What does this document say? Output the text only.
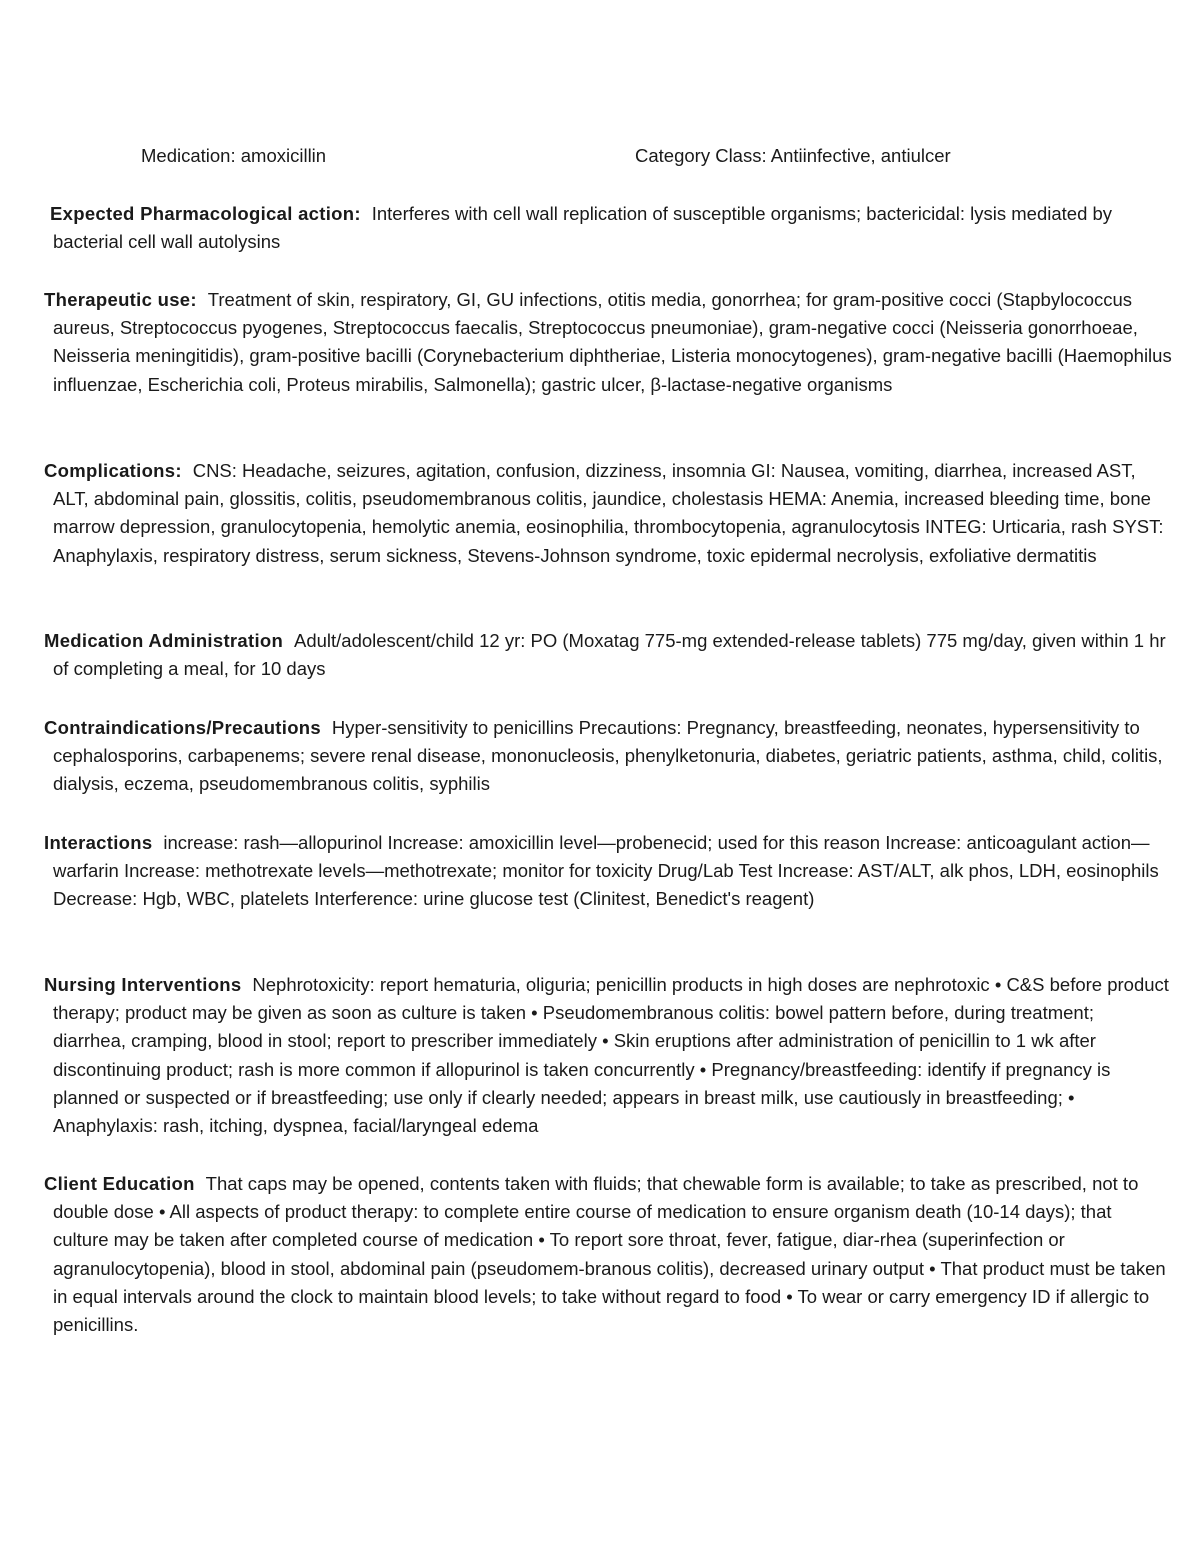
Medication: amoxicillin	Category Class: Antiinfective, antiulcer
Expected Pharmacological action:  Interferes with cell wall replication of susceptible organisms; bactericidal: lysis mediated by bacterial cell wall autolysins
Therapeutic use:  Treatment of skin, respiratory, GI, GU infections, otitis media, gonorrhea; for gram-positive cocci (Stapbylococcus aureus, Streptococcus pyogenes, Streptococcus faecalis, Streptococcus pneumoniae), gram-negative cocci (Neisseria gonorrhoeae, Neisseria meningitidis), gram-positive bacilli (Corynebacterium diphtheriae, Listeria monocytogenes), gram-negative bacilli (Haemophilus influenzae, Escherichia coli, Proteus mirabilis, Salmonella); gastric ulcer, β-lactase-negative organisms
Complications:  CNS: Headache, seizures, agitation, confusion, dizziness, insomnia GI: Nausea, vomiting, diarrhea, increased AST, ALT, abdominal pain, glossitis, colitis, pseudomembranous colitis, jaundice, cholestasis HEMA: Anemia, increased bleeding time, bone marrow depression, granulocytopenia, hemolytic anemia, eosinophilia, thrombocytopenia, agranulocytosis INTEG: Urticaria, rash SYST: Anaphylaxis, respiratory distress, serum sickness, Stevens-Johnson syndrome, toxic epidermal necrolysis, exfoliative dermatitis
Medication Administration  Adult/adolescent/child 12 yr: PO (Moxatag 775-mg extended-release tablets) 775 mg/day, given within 1 hr of completing a meal, for 10 days
Contraindications/Precautions  Hyper-sensitivity to penicillins Precautions: Pregnancy, breastfeeding, neonates, hypersensitivity to cephalosporins, carbapenems; severe renal disease, mononucleosis, phenylketonuria, diabetes, geriatric patients, asthma, child, colitis, dialysis, eczema, pseudomembranous colitis, syphilis
Interactions  increase: rash—allopurinol Increase: amoxicillin level—probenecid; used for this reason Increase: anticoagulant action—warfarin Increase: methotrexate levels—methotrexate; monitor for toxicity Drug/Lab Test Increase: AST/ALT, alk phos, LDH, eosinophils Decrease: Hgb, WBC, platelets Interference: urine glucose test (Clinitest, Benedict's reagent)
Nursing Interventions  Nephrotoxicity: report hematuria, oliguria; penicillin products in high doses are nephrotoxic • C&S before product therapy; product may be given as soon as culture is taken • Pseudomembranous colitis: bowel pattern before, during treatment; diarrhea, cramping, blood in stool; report to prescriber immediately • Skin eruptions after administration of penicillin to 1 wk after discontinuing product; rash is more common if allopurinol is taken concurrently • Pregnancy/breastfeeding: identify if pregnancy is planned or suspected or if breastfeeding; use only if clearly needed; appears in breast milk, use cautiously in breastfeeding; • Anaphylaxis: rash, itching, dyspnea, facial/laryngeal edema
Client Education  That caps may be opened, contents taken with fluids; that chewable form is available; to take as prescribed, not to double dose • All aspects of product therapy: to complete entire course of medication to ensure organism death (10-14 days); that culture may be taken after completed course of medication • To report sore throat, fever, fatigue, diar-rhea (superinfection or agranulocytopenia), blood in stool, abdominal pain (pseudomem-branous colitis), decreased urinary output • That product must be taken in equal intervals around the clock to maintain blood levels; to take without regard to food • To wear or carry emergency ID if allergic to penicillins.
